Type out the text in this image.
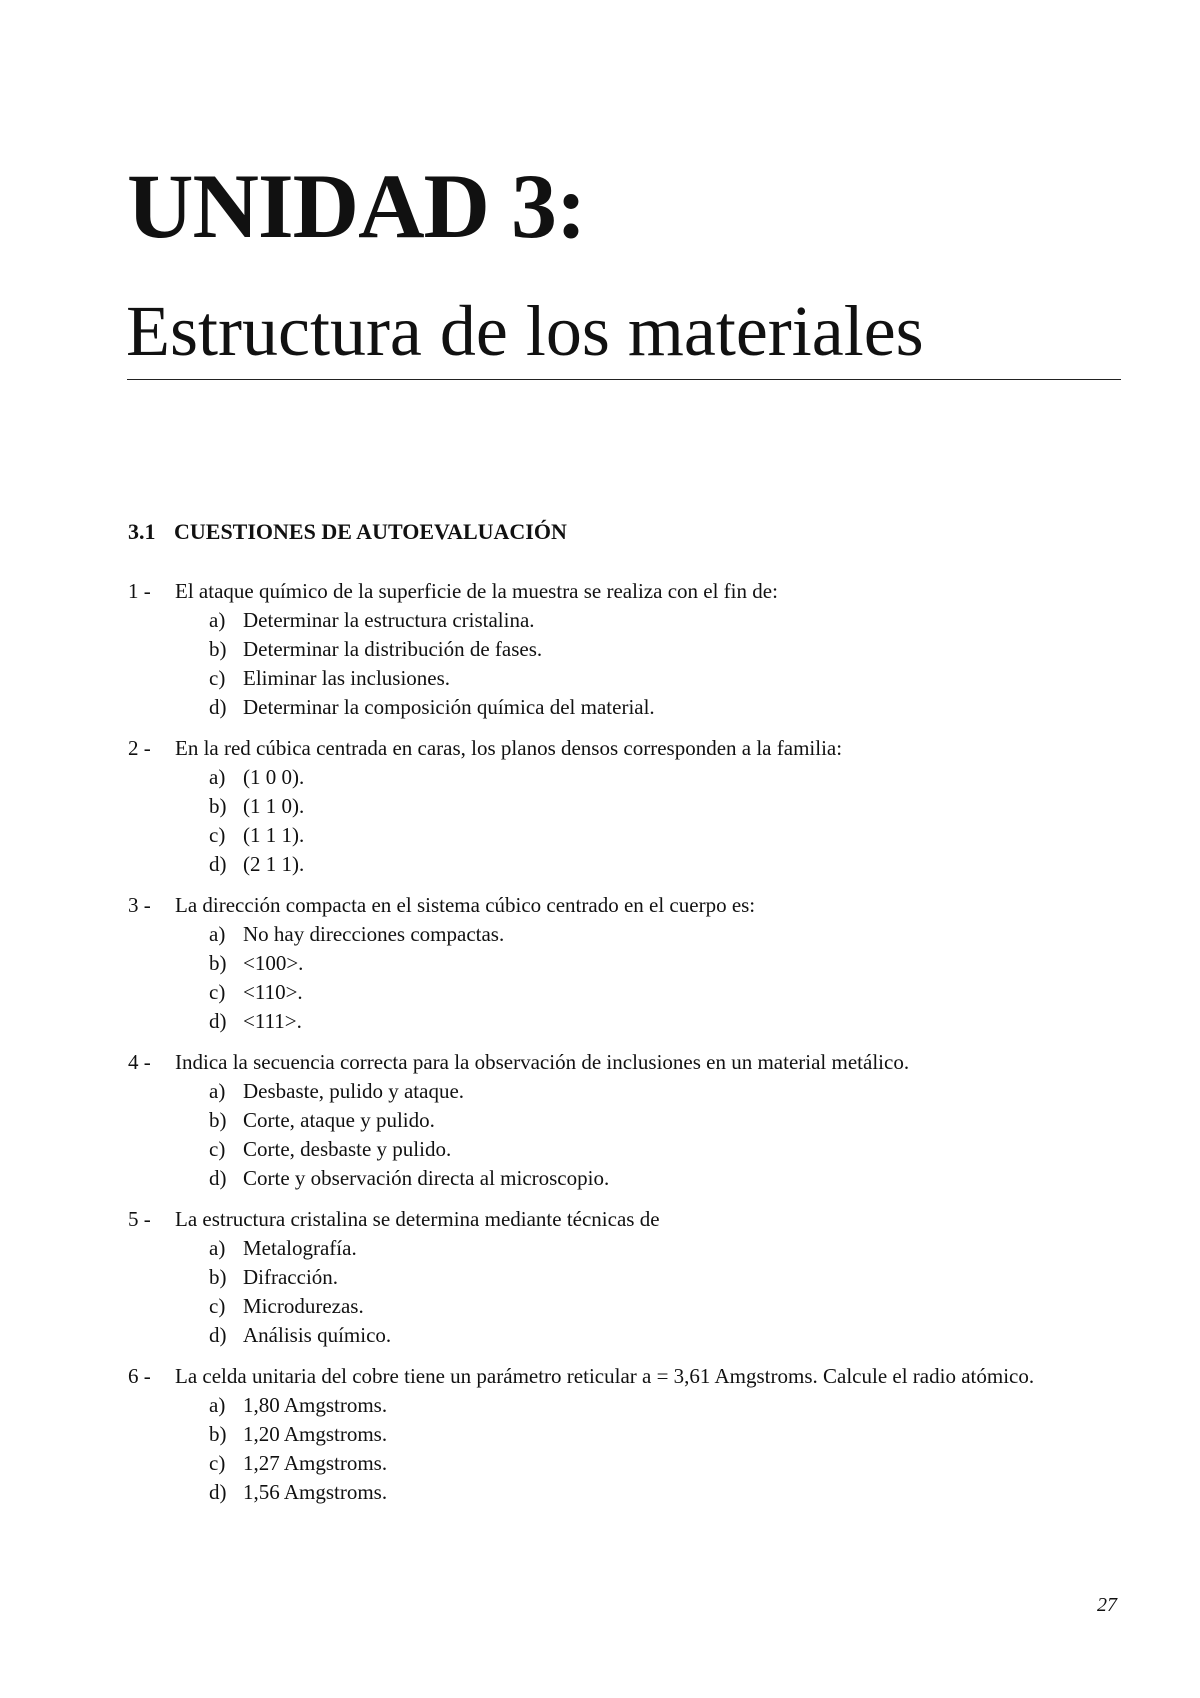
UNIDAD 3:
Estructura de los materiales
3.1 CUESTIONES DE AUTOEVALUACIÓN
1 -	El ataque químico de la superficie de la muestra se realiza con el fin de:
a) Determinar la estructura cristalina.
b) Determinar la distribución de fases.
c) Eliminar las inclusiones.
d) Determinar la composición química del material.
2 -	En la red cúbica centrada en caras, los planos densos corresponden a la familia:
a) (1 0 0).
b) (1 1 0).
c) (1 1 1).
d) (2 1 1).
3 -	La dirección compacta en el sistema cúbico centrado en el cuerpo es:
a) No hay direcciones compactas.
b) <100>.
c) <110>.
d) <111>.
4 -	Indica la secuencia correcta para la observación de inclusiones en un material metálico.
a) Desbaste, pulido y ataque.
b) Corte, ataque y pulido.
c) Corte, desbaste y pulido.
d) Corte y observación directa al microscopio.
5 -	La estructura cristalina se determina mediante técnicas de
a) Metalografía.
b) Difracción.
c) Microdurezas.
d) Análisis químico.
6 -	La celda unitaria del cobre tiene un parámetro reticular a = 3,61 Amgstroms. Calcule el radio atómico.
a) 1,80 Amgstroms.
b) 1,20 Amgstroms.
c) 1,27 Amgstroms.
d) 1,56 Amgstroms.
27
